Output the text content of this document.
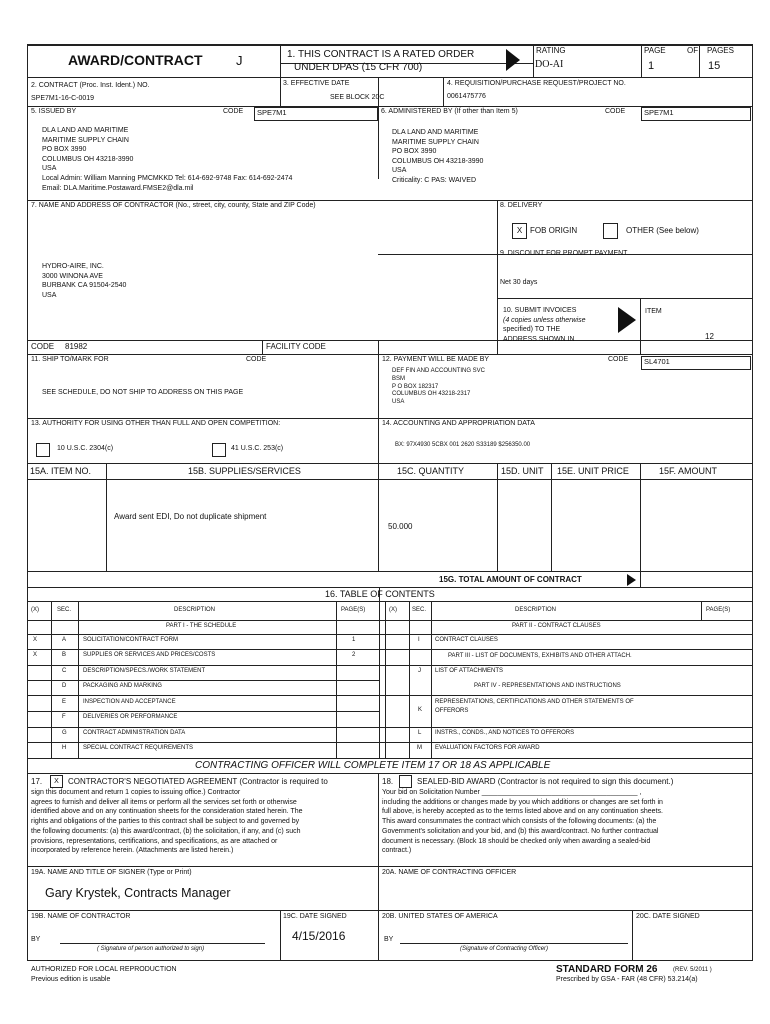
AWARD/CONTRACT	J	1. THIS CONTRACT IS A RATED ORDER
UNDER DPAS (15 CFR 700)
RATING
DO-AI
PAGE	OF PAGES
1	15
2. CONTRACT (Proc. Inst. Ident.) NO.
SPE7M1-16-C-0019
3. EFFECTIVE DATE
SEE BLOCK 20C
4. REQUISITION/PURCHASE REQUEST/PROJECT NO.
0061475776
5. ISSUED BY	CODE	SPE7M1
DLA LAND AND MARITIME
MARITIME SUPPLY CHAIN
PO BOX 3990
COLUMBUS OH 43218-3990
USA
Local Admin: William Manning PMCMKKD Tel: 614-692-9748 Fax: 614-692-2474
Email: DLA.Maritime.Postaward.FMSE2@dla.mil
6. ADMINISTERED BY (If other than Item 5)	CODE	SPE7M1
DLA LAND AND MARITIME
MARITIME SUPPLY CHAIN
PO BOX 3990
COLUMBUS OH 43218-3990
USA
Criticality: C PAS: WAIVED
7. NAME AND ADDRESS OF CONTRACTOR (No., street, city, county, State and ZIP Code)
HYDRO-AIRE, INC.
3000 WINONA AVE
BURBANK CA 91504-2540
USA
CODE 81982	FACILITY CODE
8. DELIVERY
X FOB ORIGIN	OTHER (See below)
9. DISCOUNT FOR PROMPT PAYMENT
Net 30 days
10. SUBMIT INVOICES
(4 copies unless otherwise
specified) TO THE
ADDRESS SHOWN IN
ITEM
12
11. SHIP TO/MARK FOR	CODE
SEE SCHEDULE, DO NOT SHIP TO ADDRESS ON THIS PAGE
12. PAYMENT WILL BE MADE BY	CODE	SL4701
DEF FIN AND ACCOUNTING SVC
BSM
P O BOX 182317
COLUMBUS OH 43218-2317
USA
13. AUTHORITY FOR USING OTHER THAN FULL AND OPEN COMPETITION:
10 U.S.C. 2304(c)	41 U.S.C. 253(c)
14. ACCOUNTING AND APPROPRIATION DATA
BX: 97X4930 5CBX 001 2620 S33189 $256350.00
15A. ITEM NO.	15B. SUPPLIES/SERVICES	15C. QUANTITY	15D. UNIT 15E. UNIT PRICE	15F. AMOUNT
Award sent EDI, Do not duplicate shipment
50.000
15G. TOTAL AMOUNT OF CONTRACT
16. TABLE OF CONTENTS
(X)	SEC.	DESCRIPTION	PAGE(S)	(X)	SEC.	DESCRIPTION	PAGE(S)
PART I - THE SCHEDULE	PART II - CONTRACT CLAUSES
X	A	SOLICITATION/CONTRACT FORM	1
X	B	SUPPLIES OR SERVICES AND PRICES/COSTS	2
C	DESCRIPTION/SPECS./WORK STATEMENT
D	PACKAGING AND MARKING
E	INSPECTION AND ACCEPTANCE
F	DELIVERIES OR PERFORMANCE
G	CONTRACT ADMINISTRATION DATA
H	SPECIAL CONTRACT REQUIREMENTS
I	CONTRACT CLAUSES
PART III - LIST OF DOCUMENTS, EXHIBITS AND OTHER ATTACH.
J LIST OF ATTACHMENTS
PART IV - REPRESENTATIONS AND INSTRUCTIONS
K
REPRESENTATIONS, CERTIFICATIONS AND OTHER STATEMENTS OF
OFFERORS
L INSTRS., CONDS., AND NOTICES TO OFFERORS
M EVALUATION FACTORS FOR AWARD
CONTRACTING OFFICER WILL COMPLETE ITEM 17 OR 18 AS APPLICABLE
17.	X	CONTRACTOR'S NEGOTIATED AGREEMENT (Contractor is required to
sign this document and return 1 copies to issuing office.) Contractor
agrees to furnish and deliver all items or perform all the services set forth or otherwise
identified above and on any continuation sheets for the consideration stated herein. The
rights and obligations of the parties to this contract shall be subject to and governed by
the following documents: (a) this award/contract, (b) the solicitation, if any, and (c) such
provisions, representations, certifications, and specifications, as are attached or
incorporated by reference herein. (Attachments are listed herein.)
18.	SEALED-BID AWARD (Contractor is not required to sign this document.)
Your bid on Solicitation Number ________________________________________ ,
including the additions or changes made by you which additions or changes are set forth in
full above, is hereby accepted as to the terms listed above and on any continuation sheets.
This award consummates the contract which consists of the following documents: (a) the
Government's solicitation and your bid, and (b) this award/contract. No further contractual
document is necessary. (Block 18 should be checked only when awarding a sealed-bid
contract.)
19A. NAME AND TITLE OF SIGNER (Type or Print)
Gary Krystek, Contracts Manager
20A. NAME OF CONTRACTING OFFICER
19B. NAME OF CONTRACTOR	19C. DATE SIGNED
4/15/2016
20B. UNITED STATES OF AMERICA	20C. DATE SIGNED
BY	BY
( Signature of person authorized to sign)	(Signature of Contracting Officer)
AUTHORIZED FOR LOCAL REPRODUCTION
Previous edition is usable
STANDARD FORM 26	(REV. 5/2011 )
Prescribed by GSA - FAR (48 CFR) 53.214(a)
